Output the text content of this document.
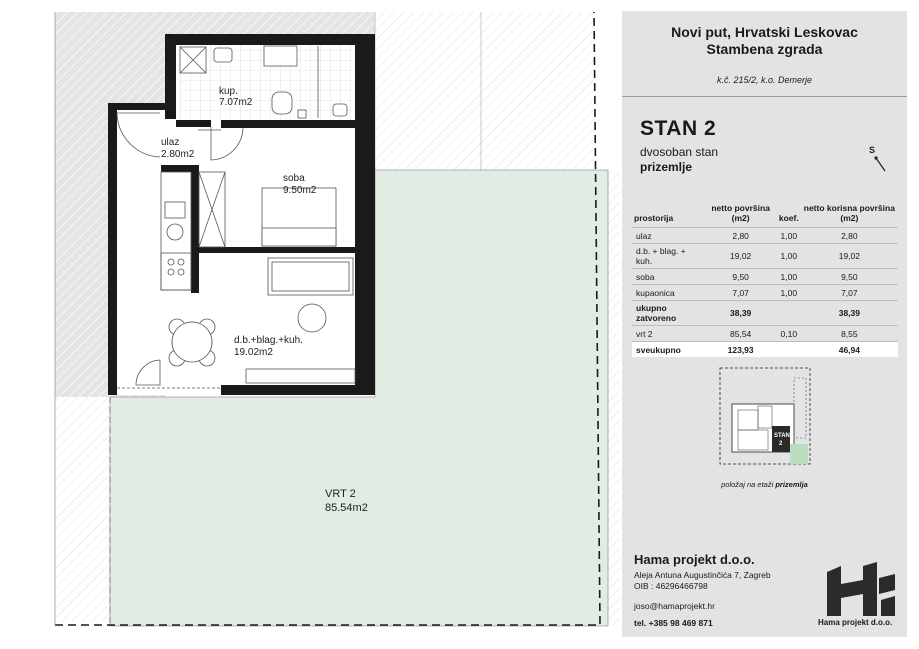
kup.
7.07m2
ulaz
2.80m2
soba
9.50m2
d.b.+blag.+kuh.
19.02m2
VRT 2
85.54m2
Novi put, Hrvatski Leskovac
Stambena zgrada
k.č. 215/2, k.o. Demerje
STAN 2
dvosoban stan
prizemlje
S
prostorija	netto površina (m2)	koef.	netto korisna površina (m2)
ulaz	2,80	1,00	2,80
d.b. + blag. + kuh.	19,02	1,00	19,02
soba	9,50	1,00	9,50
kupaonica	7,07	1,00	7,07
ukupno zatvoreno	38,39		38,39
vrt 2	85,54	0,10	8,55
sveukupno	123,93		46,94
STAN
2
položaj na etaži prizemlja
Hama projekt d.o.o.
Aleja Antuna Augustinčića 7, Zagreb
OIB : 46296466798
joso@hamaprojekt.hr
tel. +385 98 469 871	Hama projekt d.o.o.
